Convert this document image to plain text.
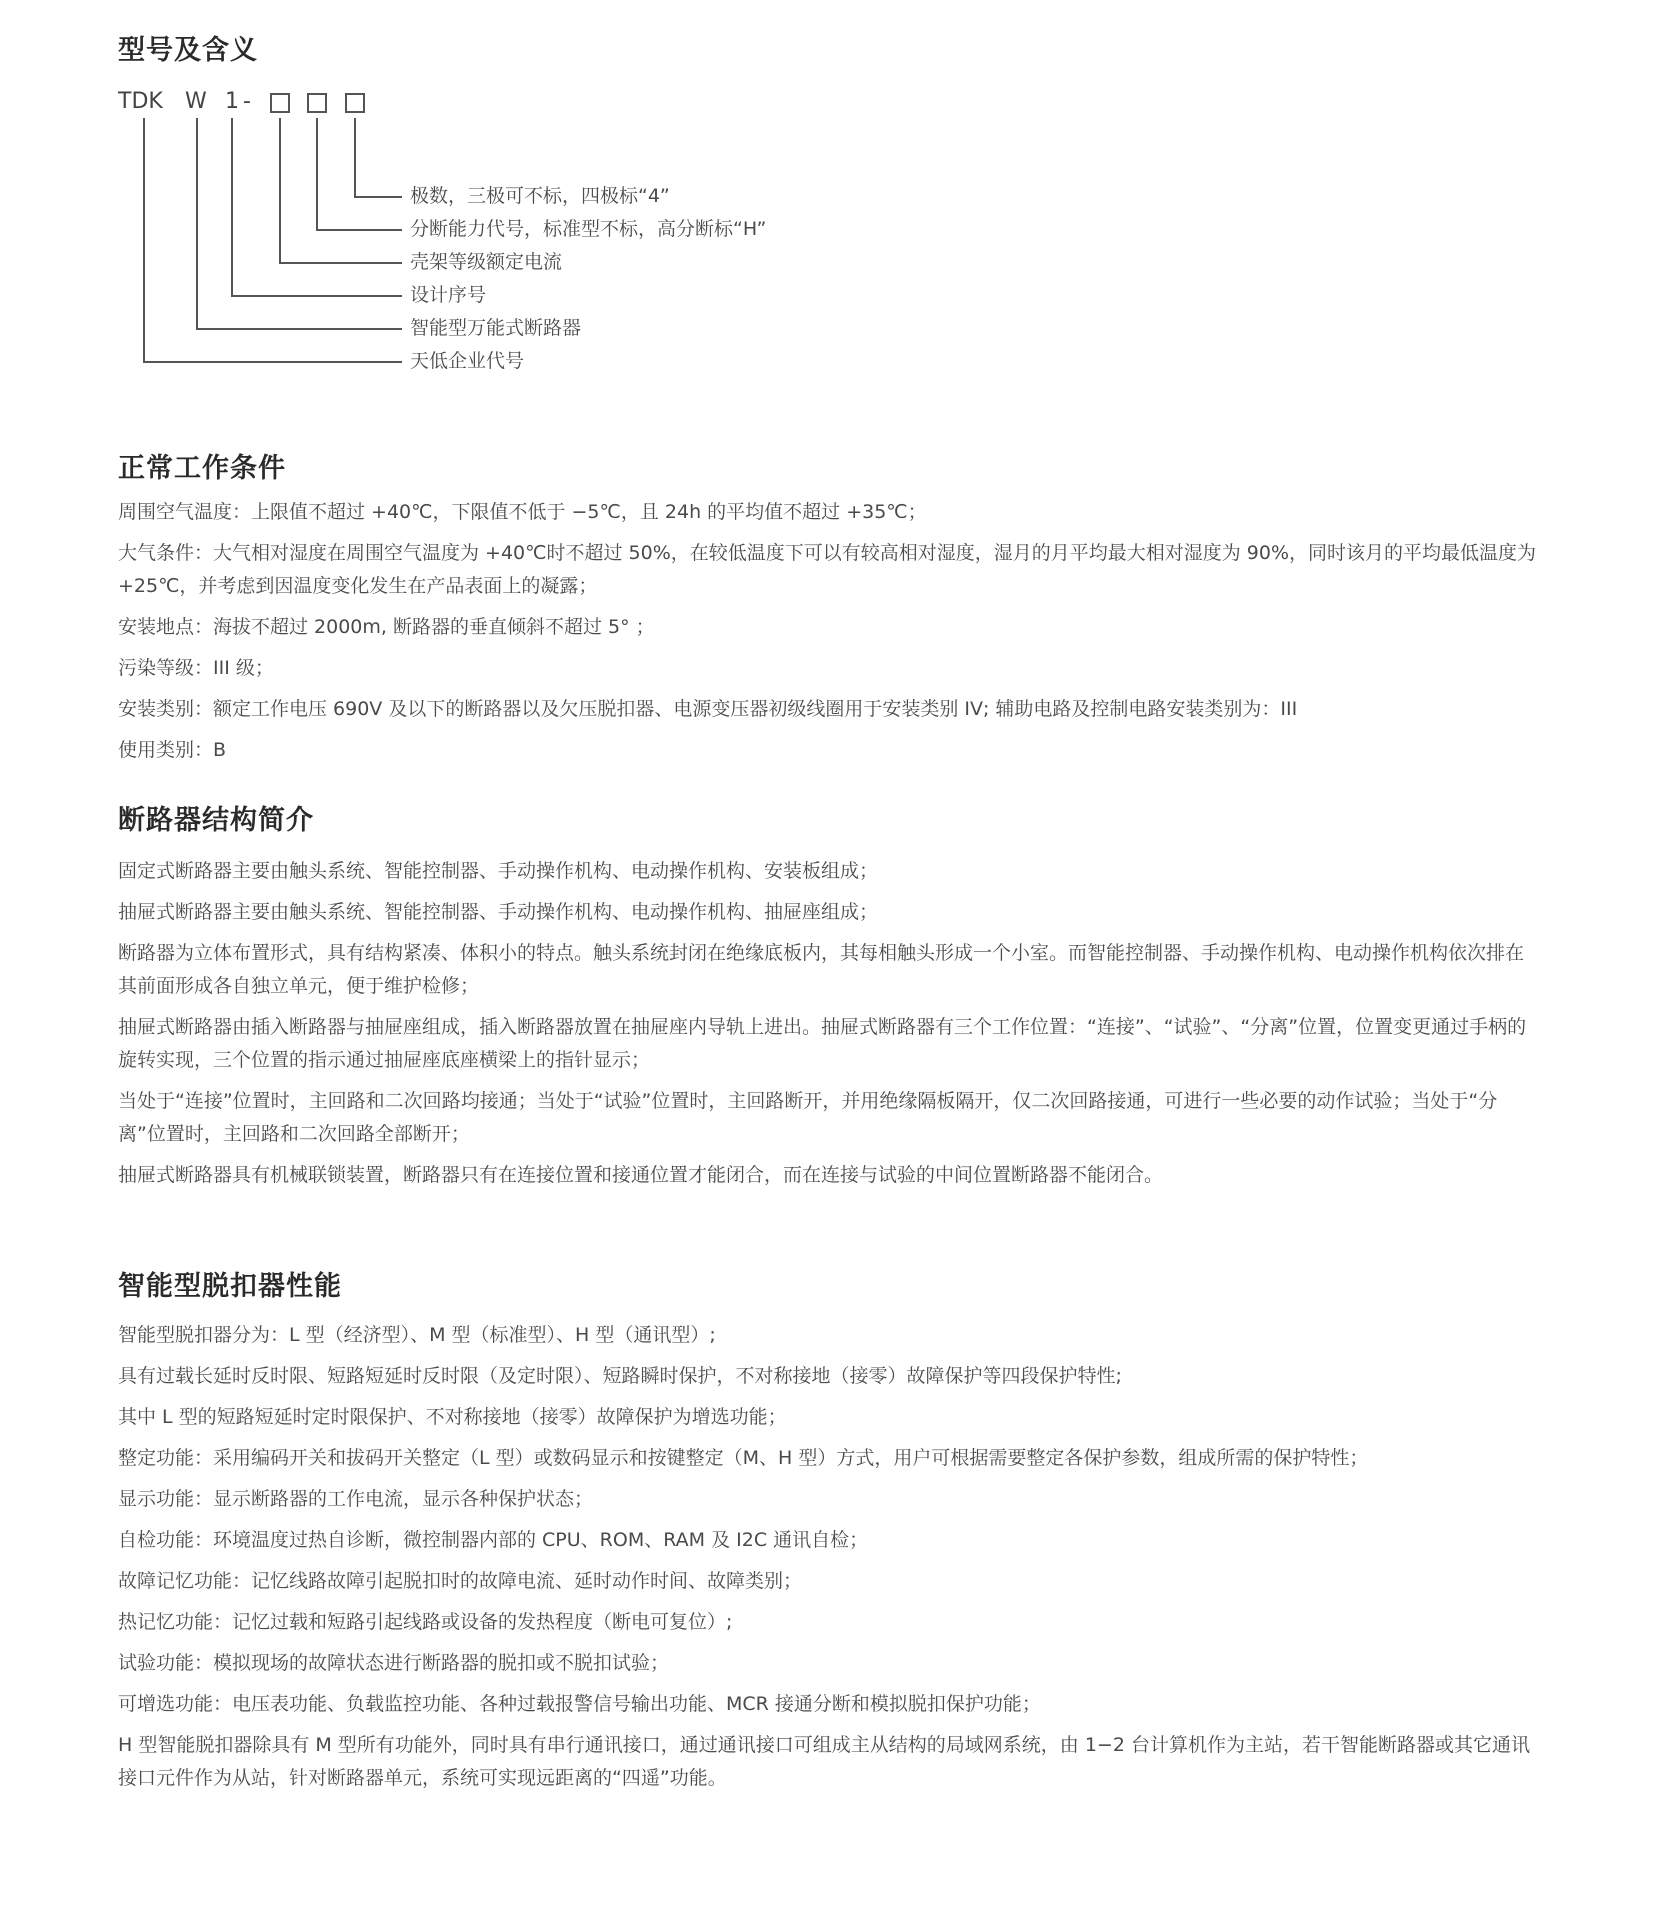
型号及含义
TDK W 1 -
极数，三极可不标，四极标“4”
分断能力代号，标准型不标，高分断标“H”
壳架等级额定电流
设计序号
智能型万能式断路器
天低企业代号
正常工作条件

周围空气温度：上限值不超过 +40℃，下限值不低于 −5℃，且 24h 的平均值不超过 +35℃；

大气条件：大气相对湿度在周围空气温度为 +40℃时不超过 50%，在较低温度下可以有较高相对湿度，湿月的月平均最大相对湿度为 90%，同时该月的平均最低温度为 +25℃，并考虑到因温度变化发生在产品表面上的凝露；

安装地点：海拔不超过 2000m, 断路器的垂直倾斜不超过 5° ；

污染等级：III 级；

安装类别：额定工作电压 690V 及以下的断路器以及欠压脱扣器、电源变压器初级线圈用于安装类别 IV; 辅助电路及控制电路安装类别为：III

使用类别：B

断路器结构简介

固定式断路器主要由触头系统、智能控制器、手动操作机构、电动操作机构、安装板组成；

抽屉式断路器主要由触头系统、智能控制器、手动操作机构、电动操作机构、抽屉座组成；

断路器为立体布置形式，具有结构紧凑、体积小的特点。触头系统封闭在绝缘底板内，其每相触头形成一个小室。而智能控制器、手动操作机构、电动操作机构依次排在其前面形成各自独立单元，便于维护检修；

抽屉式断路器由插入断路器与抽屉座组成，插入断路器放置在抽屉座内导轨上进出。抽屉式断路器有三个工作位置：“连接”、“试验”、“分离”位置，位置变更通过手柄的旋转实现，三个位置的指示通过抽屉座底座横梁上的指针显示；

当处于“连接”位置时，主回路和二次回路均接通；当处于“试验”位置时，主回路断开，并用绝缘隔板隔开，仅二次回路接通，可进行一些必要的动作试验；当处于“分离”位置时，主回路和二次回路全部断开；

抽屉式断路器具有机械联锁装置，断路器只有在连接位置和接通位置才能闭合，而在连接与试验的中间位置断路器不能闭合。

智能型脱扣器性能

智能型脱扣器分为：L 型（经济型）、M 型（标准型）、H 型（通讯型）;

具有过载长延时反时限、短路短延时反时限（及定时限）、短路瞬时保护，不对称接地（接零）故障保护等四段保护特性;

其中 L 型的短路短延时定时限保护、不对称接地（接零）故障保护为增选功能；

整定功能：采用编码开关和拔码开关整定（L 型）或数码显示和按键整定（M、H 型）方式，用户可根据需要整定各保护参数，组成所需的保护特性；

显示功能：显示断路器的工作电流，显示各种保护状态；

自检功能：环境温度过热自诊断，微控制器内部的 CPU、ROM、RAM 及 I2C 通讯自检；

故障记忆功能：记忆线路故障引起脱扣时的故障电流、延时动作时间、故障类别；

热记忆功能：记忆过载和短路引起线路或设备的发热程度（断电可复位）;

试验功能：模拟现场的故障状态进行断路器的脱扣或不脱扣试验；

可增选功能：电压表功能、负载监控功能、各种过载报警信号输出功能、MCR 接通分断和模拟脱扣保护功能；

H 型智能脱扣器除具有 M 型所有功能外，同时具有串行通讯接口，通过通讯接口可组成主从结构的局域网系统，由 1−2 台计算机作为主站，若干智能断路器或其它通讯接口元件作为从站，针对断路器单元，系统可实现远距离的“四遥”功能。
